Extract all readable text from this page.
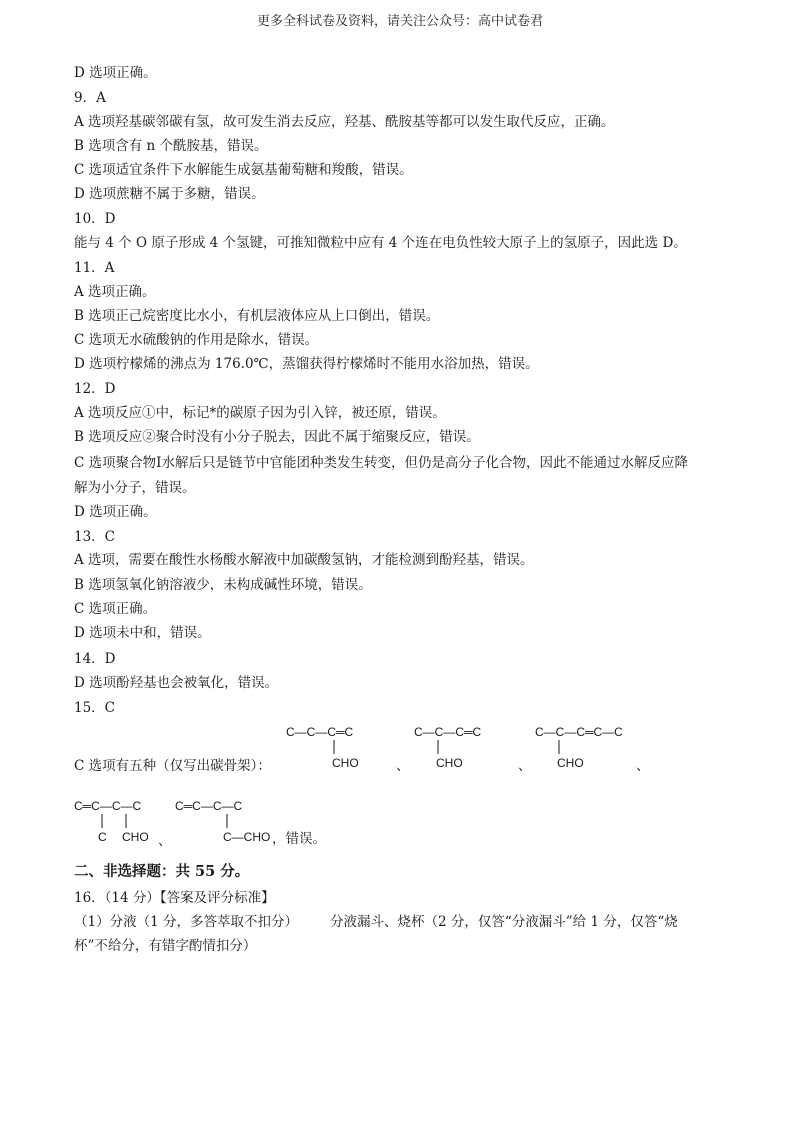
更多全科试卷及资料，请关注公众号：高中试卷君
D 选项正确。
9．A
A 选项羟基碳邻碳有氢，故可发生消去反应，羟基、酰胺基等都可以发生取代反应，正确。
B 选项含有 n 个酰胺基，错误。
C 选项适宜条件下水解能生成氨基葡萄糖和羧酸，错误。
D 选项蔗糖不属于多糖，错误。
10．D
能与 4 个 O 原子形成 4 个氢键，可推知微粒中应有 4 个连在电负性较大原子上的氢原子，因此选 D。
11．A
A 选项正确。
B 选项正己烷密度比水小，有机层液体应从上口倒出，错误。
C 选项无水硫酸钠的作用是除水，错误。
D 选项柠檬烯的沸点为 176.0℃，蒸馏获得柠檬烯时不能用水浴加热，错误。
12．D
A 选项反应①中，标记*的碳原子因为引入锌，被还原，错误。
B 选项反应②聚合时没有小分子脱去，因此不属于缩聚反应，错误。
C 选项聚合物Ⅰ水解后只是链节中官能团种类发生转变，但仍是高分子化合物，因此不能通过水解反应降
解为小分子，错误。
D 选项正确。
13．C
A 选项，需要在酸性水杨酸水解液中加碳酸氢钠，才能检测到酚羟基，错误。
B 选项氢氧化钠溶液少，未构成碱性环境，错误。
C 选项正确。
D 选项未中和，错误。
14．D
D 选项酚羟基也会被氧化，错误。
15．C
C 选项有五种（仅写出碳骨架）：
C—C—C═C
CHO	、
C—C—C═C
CHO	、
C—C—C═C—C
CHO	、
C═C—C—C
C CHO 、
C═C—C—C
C—CHO ，错误。
二、非选择题：共 55 分。
16．（14 分）【答案及评分标准】
（1）分液（1 分，多答萃取不扣分） 分液漏斗、烧杯（2 分，仅答“分液漏斗”给 1 分，仅答“烧
杯”不给分，有错字酌情扣分）
